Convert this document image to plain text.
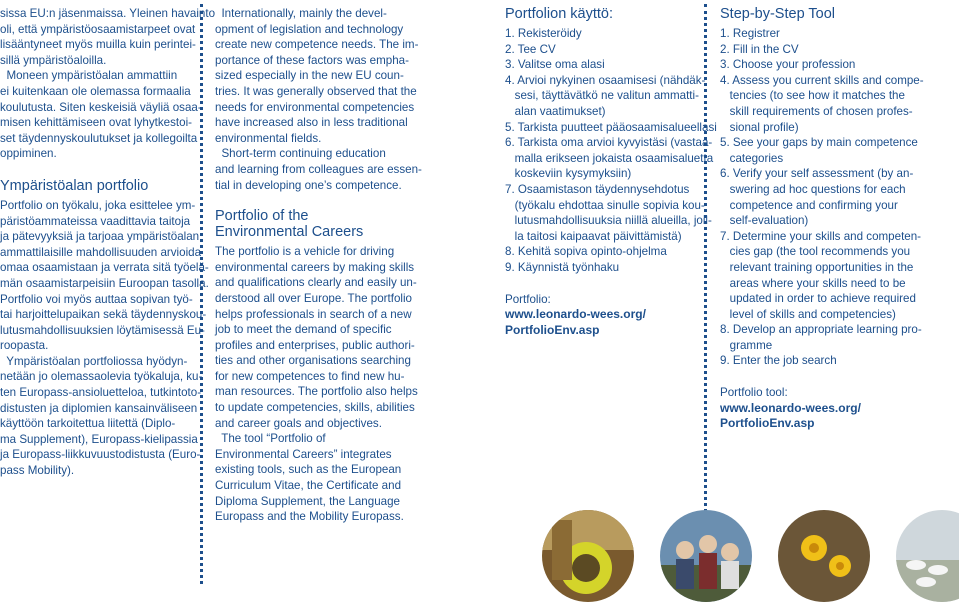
sissa EU:n jäsenmaissa. Yleinen havainto
oli, että ympäristöosaamistarpeet ovat
lisääntyneet myös muilla kuin perintei-
sillä ympäristöaloilla.
Moneen ympäristöalan ammattiin
ei kuitenkaan ole olemassa formaalia
koulutusta. Siten keskeisiä väyliä osaa-
misen kehittämiseen ovat lyhytkestoi-
set täydennyskoulutukset ja kollegoilta
oppiminen.
Ympäristöalan portfolio
Portfolio on työkalu, joka esittelee ym-
päristöammateissa vaadittavia taitoja
ja pätevyyksiä ja tarjoaa ympäristöalan
ammattilaisille mahdollisuuden arvioida
omaa osaamistaan ja verrata sitä työelä-
män osaamistarpeisiin Euroopan tasolla.
Portfolio voi myös auttaa sopivan työ-
tai harjoittelupaikan sekä täydennyskou-
lutusmahdollisuuksien löytämisessä Eu-
roopasta.
Ympäristöalan portfoliossa hyödyn-
netään jo olemassaolevia työkaluja, ku-
ten Europass-ansioluetteloa, tutkintoto-
distusten ja diplomien kansainväliseen
käyttöön tarkoitettua liitettä (Diplo-
ma Supplement), Europass-kielipassia
ja Europass-liikkuvuustodistusta (Euro-
pass Mobility).
Internationally, mainly the devel-
opment of legislation and technology
create new competence needs. The im-
portance of these factors was empha-
sized especially in the new EU coun-
tries. It was generally observed that the
needs for environmental competencies
have increased also in less traditional
environmental fields.
Short-term continuing education
and learning from colleagues are essen-
tial in developing one’s competence.
Portfolio of the
Environmental Careers
The portfolio is a vehicle for driving
environmental careers by making skills
and qualifications clearly and easily un-
derstood all over Europe. The portfolio
helps professionals in search of a new
job to meet the demand of specific
profiles and enterprises, public authori-
ties and other organisations searching
for new competences to find new hu-
man resources. The portfolio also helps
to update competencies, skills, abilities
and career goals and objectives.
The tool “Portfolio of
Environmental Careers” integrates
existing tools, such as the European
Curriculum Vitae, the Certificate and
Diploma Supplement, the Language
Europass and the Mobility Europass.
Portfolion käyttö:
1. Rekisteröidy
2. Tee CV
3. Valitse oma alasi
4. Arvioi nykyinen osaamisesi (nähdäk-
sesi, täyttävätkö ne valitun ammatti-
alan vaatimukset)
5. Tarkista puutteet pääosaamisalueellasi
6. Tarkista oma arvioi kyvyistäsi (vastaa-
malla erikseen jokaista osaamisaluetta
koskeviin kysymyksiin)
7. Osaamistason täydennysehdotus
(työkalu ehdottaa sinulle sopivia kou-
lutusmahdollisuuksia niillä alueilla, joil-
la taitosi kaipaavat päivittämistä)
8. Kehitä sopiva opinto-ohjelma
9. Käynnistä työnhaku
Portfolio:
www.leonardo-wees.org/
PortfolioEnv.asp
Step-by-Step Tool
1. Registrer
2. Fill in the CV
3. Choose your profession
4. Assess you current skills and compe-
tencies (to see how it matches the
skill requirements of chosen profes-
sional profile)
5. See your gaps by main competence
categories
6. Verify your self assessment (by an-
swering ad hoc questions for each
competence and confirming your
self-evaluation)
7. Determine your skills and competen-
cies gap (the tool recommends you
relevant training opportunities in the
areas where your skills need to be
updated in order to achieve required
level of skills and competencies)
8. Develop an appropriate learning pro-
gramme
9. Enter the job search
Portfolio tool:
www.leonardo-wees.org/
PortfolioEnv.asp
